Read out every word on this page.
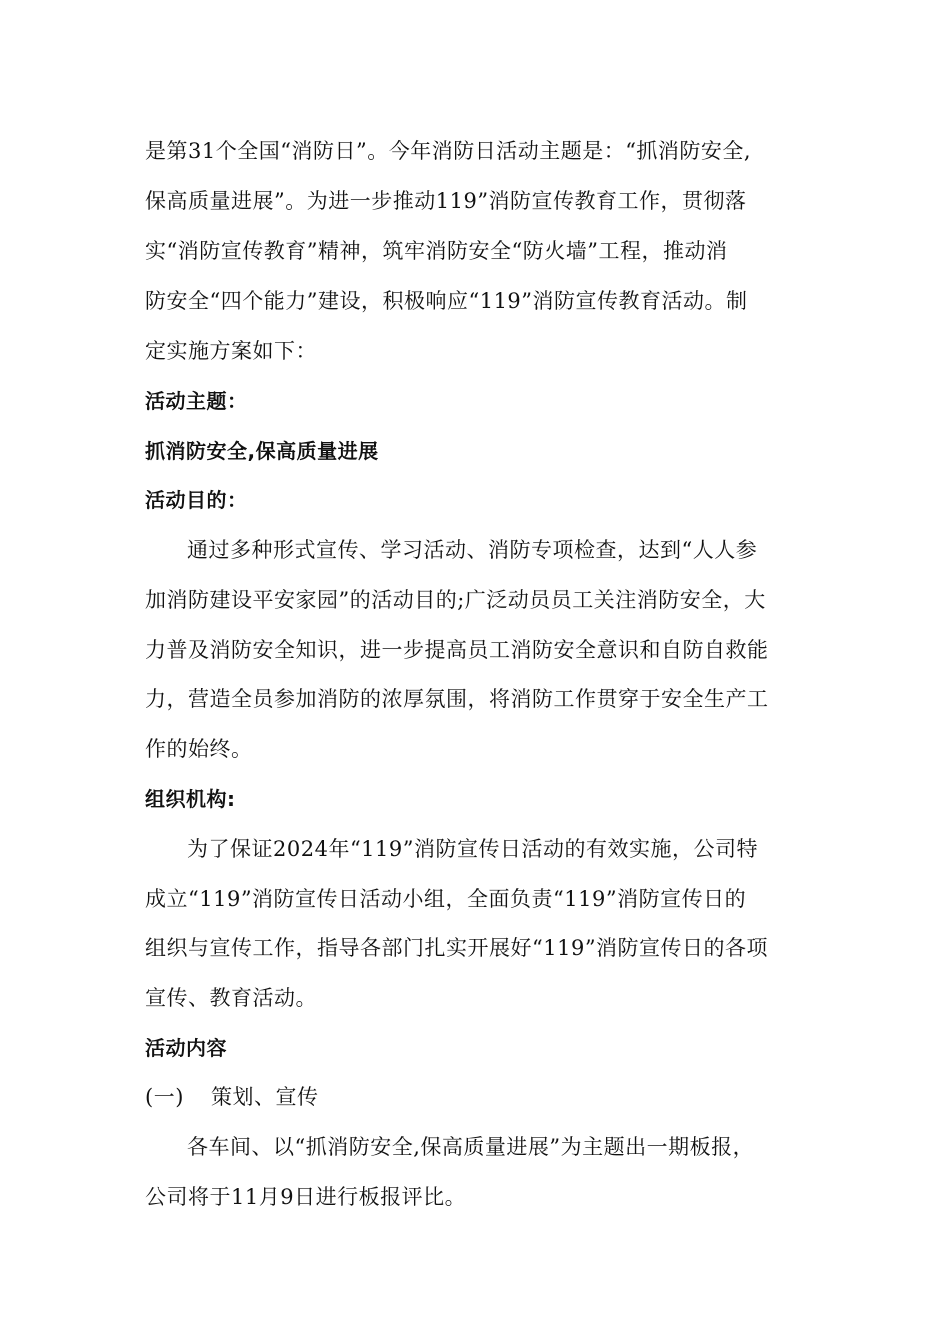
是第31个全国“消防日”。今年消防日活动主题是：“抓消防安全,
保高质量进展”。为进一步推动119”消防宣传教育工作，贯彻落
实“消防宣传教育”精神，筑牢消防安全“防火墙”工程，推动消
防安全“四个能力”建设，积极响应“119”消防宣传教育活动。制
定实施方案如下：
活动主题：
抓消防安全,保高质量进展
活动目的：
通过多种形式宣传、学习活动、消防专项检查，达到“人人参
加消防建设平安家园”的活动目的;广泛动员员工关注消防安全，大
力普及消防安全知识，进一步提高员工消防安全意识和自防自救能
力，营造全员参加消防的浓厚氛围，将消防工作贯穿于安全生产工
作的始终。
组织机构:
为了保证2024年“119”消防宣传日活动的有效实施，公司特
成立“119”消防宣传日活动小组，全面负责“119”消防宣传日的
组织与宣传工作，指导各部门扎实开展好“119”消防宣传日的各项
宣传、教育活动。
活动内容
(一) 策划、宣传
各车间、以“抓消防安全,保高质量进展”为主题出一期板报，
公司将于11月9日进行板报评比。
